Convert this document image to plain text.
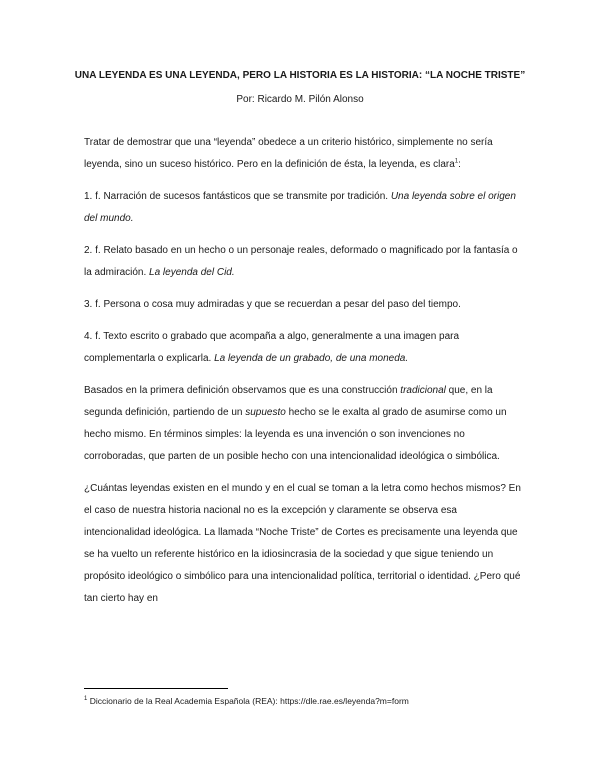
UNA LEYENDA ES UNA LEYENDA, PERO LA HISTORIA ES LA HISTORIA: “LA NOCHE TRISTE”
Por: Ricardo M. Pilón Alonso

Tratar de demostrar que una “leyenda” obedece a un criterio histórico, simplemente no sería leyenda, sino un suceso histórico. Pero en la definición de ésta, la leyenda, es clara$^1$:

1. f. Narración de sucesos fantásticos que se transmite por tradición. Una leyenda sobre el origen del mundo.

2. f. Relato basado en un hecho o un personaje reales, deformado o magnificado por la fantasía o la admiración. La leyenda del Cid.

3. f. Persona o cosa muy admiradas y que se recuerdan a pesar del paso del tiempo.

4. f. Texto escrito o grabado que acompaña a algo, generalmente a una imagen para complementarla o explicarla. La leyenda de un grabado, de una moneda.

Basados en la primera definición observamos que es una construcción tradicional que, en la segunda definición, partiendo de un supuesto hecho se le exalta al grado de asumirse como un hecho mismo. En términos simples: la leyenda es una invención o son invenciones no corroboradas, que parten de un posible hecho con una intencionalidad ideológica o simbólica.

¿Cuántas leyendas existen en el mundo y en el cual se toman a la letra como hechos mismos? En el caso de nuestra historia nacional no es la excepción y claramente se observa esa intencionalidad ideológica. La llamada “Noche Triste” de Cortes es precisamente una leyenda que se ha vuelto un referente histórico en la idiosincrasia de la sociedad y que sigue teniendo un propósito ideológico o simbólico para una intencionalidad política, territorial o identidad. ¿Pero qué tan cierto hay en

$^1$ Diccionario de la Real Academia Española (REA): https://dle.rae.es/leyenda?m=form
